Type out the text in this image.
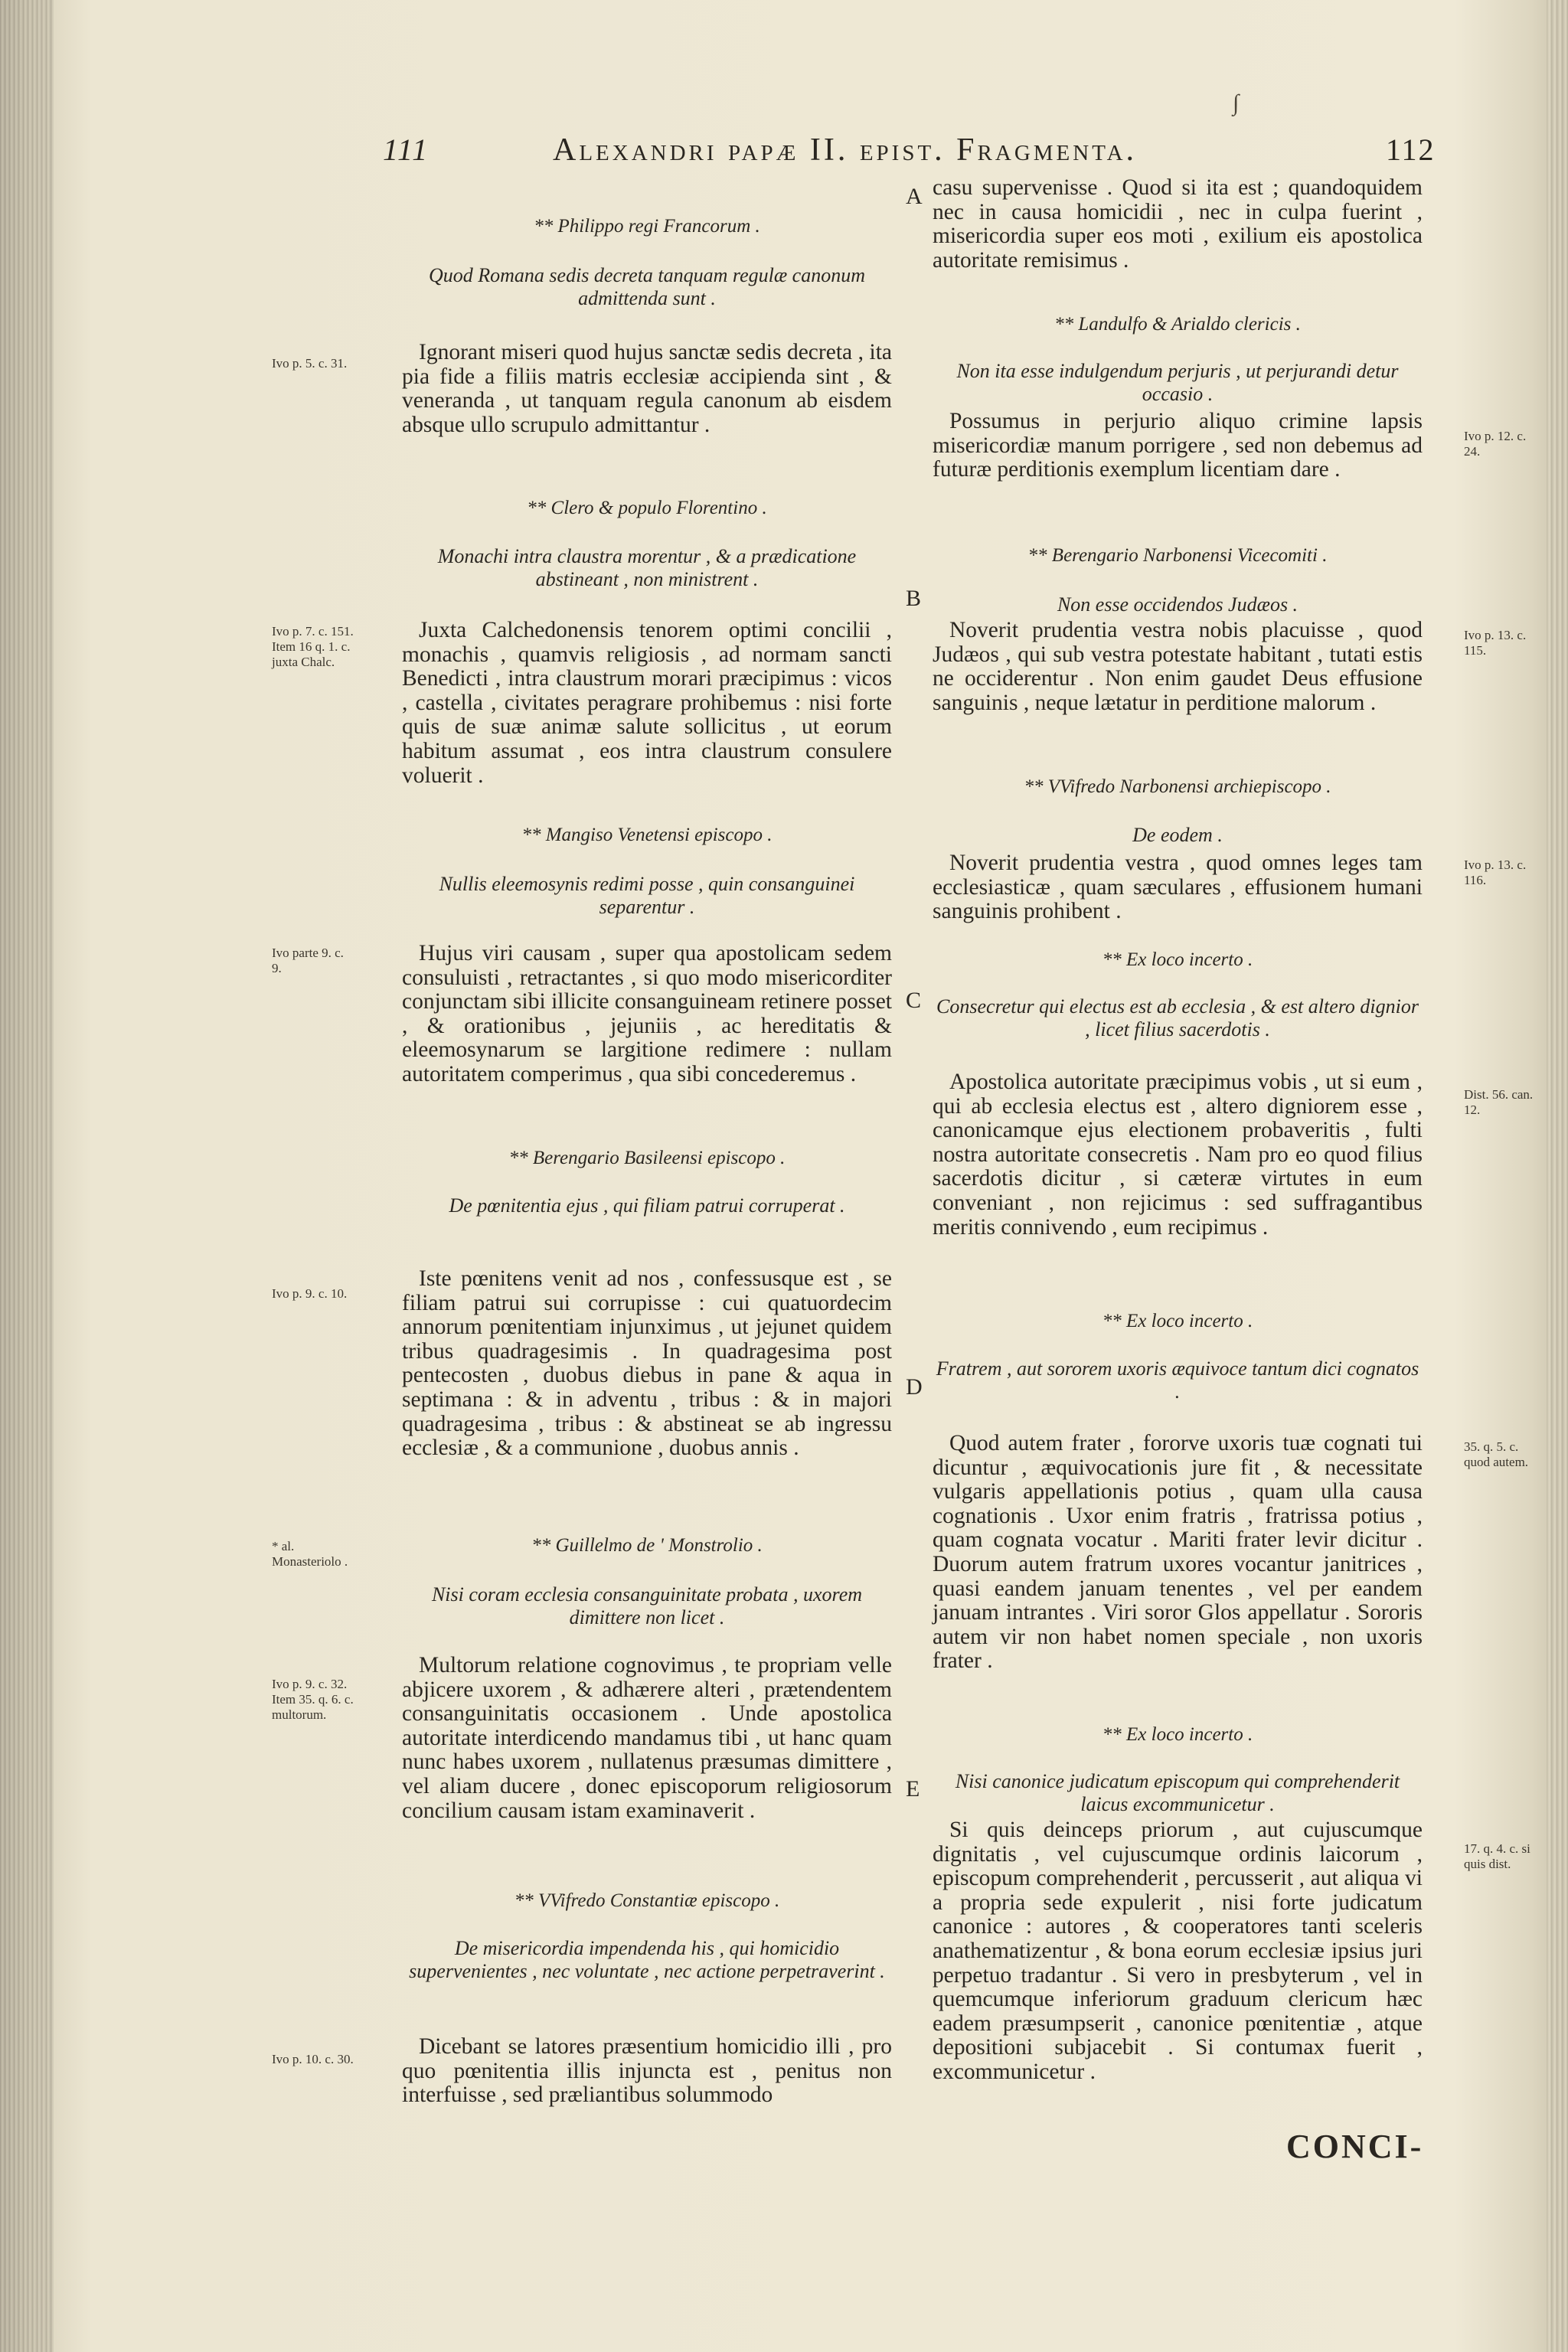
111	Alexandri papæ II. epist. Fragmenta.	112
∫
** Philippo regi Francorum .
Quod Romana sedis decreta tanquam regulæ canonum admittenda sunt .
Ignorant miseri quod hujus sanctæ sedis decreta , ita pia fide a filiis matris ecclesiæ accipienda sint , & veneranda , ut tanquam regula canonum ab eisdem absque ullo scrupulo admittantur .
** Clero & populo Florentino .
Monachi intra claustra morentur , & a prædicatione abstineant , non ministrent .
Juxta Calchedonensis tenorem optimi concilii , monachis , quamvis religiosis , ad normam sancti Benedicti , intra claustrum morari præcipimus : vicos , castella , civitates peragrare prohibemus : nisi forte quis de suæ animæ salute sollicitus , ut eorum habitum assumat , eos intra claustrum consulere voluerit .
** Mangiso Venetensi episcopo .
Nullis eleemosynis redimi posse , quin consanguinei separentur .
Hujus viri causam , super qua apostolicam sedem consuluisti , retractantes , si quo modo misericorditer conjunctam sibi illicite consanguineam retinere posset , & orationibus , jejuniis , ac hereditatis & eleemosynarum se largitione redimere : nullam autoritatem comperimus , qua sibi concederemus .
** Berengario Basileensi episcopo .
De pœnitentia ejus , qui filiam patrui corruperat .
Iste pœnitens venit ad nos , confessusque est , se filiam patrui sui corrupisse : cui quatuordecim annorum pœnitentiam injunximus , ut jejunet quidem tribus quadragesimis . In quadragesima post pentecosten , duobus diebus in pane & aqua in septimana : & in adventu , tribus : & in majori quadragesima , tribus : & abstineat se ab ingressu ecclesiæ , & a communione , duobus annis .
** Guillelmo de ' Monstrolio .
Nisi coram ecclesia consanguinitate probata , uxorem dimittere non licet .
Multorum relatione cognovimus , te propriam velle abjicere uxorem , & adhærere alteri , prætendentem consanguinitatis occasionem . Unde apostolica autoritate interdicendo mandamus tibi , ut hanc quam nunc habes uxorem , nullatenus præsumas dimittere , vel aliam ducere , donec episcoporum religiosorum concilium causam istam examinaverit .
** VVifredo Constantiæ episcopo .
De misericordia impendenda his , qui homicidio supervenientes , nec voluntate , nec actione perpetraverint .
Dicebant se latores præsentium homicidio illi , pro quo pœnitentia illis injuncta est , penitus non interfuisse , sed præliantibus solummodo
casu supervenisse . Quod si ita est ; quandoquidem nec in causa homicidii , nec in culpa fuerint , misericordia super eos moti , exilium eis apostolica autoritate remisimus .
** Landulfo & Arialdo clericis .
Non ita esse indulgendum perjuris , ut perjurandi detur occasio .
Possumus in perjurio aliquo crimine lapsis misericordiæ manum porrigere , sed non debemus ad futuræ perditionis exemplum licentiam dare .
** Berengario Narbonensi Vicecomiti .
Non esse occidendos Judæos .
Noverit prudentia vestra nobis placuisse , quod Judæos , qui sub vestra potestate habitant , tutati estis ne occiderentur . Non enim gaudet Deus effusione sanguinis , neque lætatur in perditione malorum .
** VVifredo Narbonensi archiepiscopo .
De eodem .
Noverit prudentia vestra , quod omnes leges tam ecclesiasticæ , quam sæculares , effusionem humani sanguinis prohibent .
** Ex loco incerto .
Consecretur qui electus est ab ecclesia , & est altero dignior , licet filius sacerdotis .
Apostolica autoritate præcipimus vobis , ut si eum , qui ab ecclesia electus est , altero digniorem esse , canonicamque ejus electionem probaveritis , fulti nostra autoritate consecretis . Nam pro eo quod filius sacerdotis dicitur , si cæteræ virtutes in eum conveniant , non rejicimus : sed suffragantibus meritis connivendo , eum recipimus .
** Ex loco incerto .
Fratrem , aut sororem uxoris æquivoce tantum dici cognatos .
Quod autem frater , fororve uxoris tuæ cognati tui dicuntur , æquivocationis jure fit , & necessitate vulgaris appellationis potius , quam ulla causa cognationis . Uxor enim fratris , fratrissa potius , quam cognata vocatur . Mariti frater levir dicitur . Duorum autem fratrum uxores vocantur janitrices , quasi eandem januam tenentes , vel per eandem januam intrantes . Viri soror Glos appellatur . Sororis autem vir non habet nomen speciale , non uxoris frater .
** Ex loco incerto .
Nisi canonice judicatum episcopum qui comprehenderit laicus excommunicetur .
Si quis deinceps priorum , aut cujuscumque dignitatis , vel cujuscumque ordinis laicorum , episcopum comprehenderit , percusserit , aut aliqua vi a propria sede expulerit , nisi forte judicatum canonice : autores , & cooperatores tanti sceleris anathematizentur , & bona eorum ecclesiæ ipsius juri perpetuo tradantur . Si vero in presbyterum , vel in quemcumque inferiorum graduum clericum hæc eadem præsumpserit , canonice pœnitentiæ , atque depositioni subjacebit . Si contumax fuerit , excommunicetur .
CONCI-
A
B
C
D
E
Ivo p. 5. c. 31.
Ivo p. 7. c. 151. Item 16 q. 1. c. juxta Chalc.
Ivo parte 9. c. 9.
Ivo p. 9. c. 10.
* al. Monasteriolo .
Ivo p. 9. c. 32. Item 35. q. 6. c. multorum.
Ivo p. 10. c. 30.
Ivo p. 12. c. 24.
Ivo p. 13. c. 115.
Ivo p. 13. c. 116.
Dist. 56. can. 12.
35. q. 5. c. quod autem.
17. q. 4. c. si quis dist.
